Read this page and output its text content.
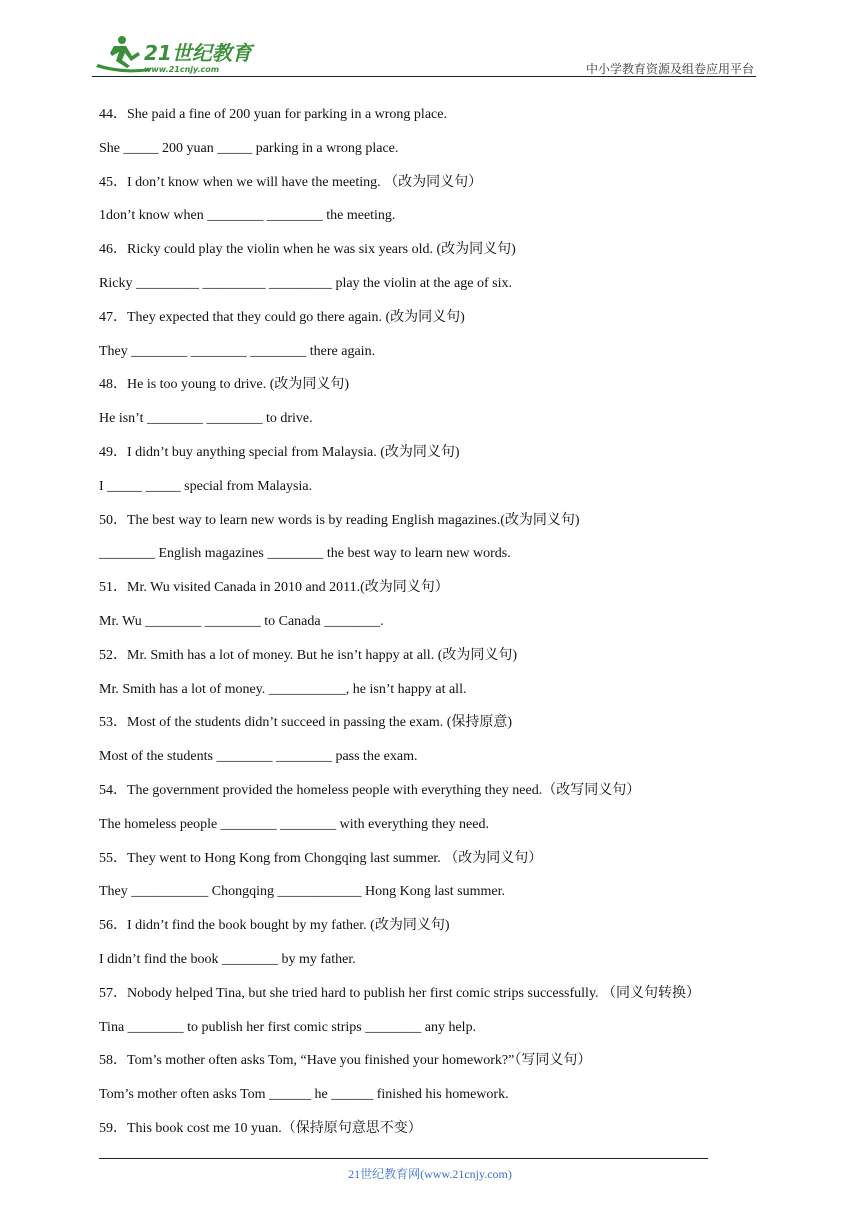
21世纪教育
www.21cnjy.com	中小学教育资源及组卷应用平台
44．She paid a fine of 200 yuan for parking in a wrong place.
She _____ 200 yuan _____ parking in a wrong place.
45．I don’t know when we will have the meeting. （改为同义句）
1don’t know when ________ ________ the meeting.
46．Ricky could play the violin when he was six years old. (改为同义句)
Ricky _________ _________ _________ play the violin at the age of six.
47．They expected that they could go there again. (改为同义句)
They ________ ________ ________ there again.
48．He is too young to drive. (改为同义句)
He isn’t ________ ________ to drive.
49．I didn’t buy anything special from Malaysia. (改为同义句)
I _____ _____ special from Malaysia.
50．The best way to learn new words is by reading English magazines.(改为同义句)
________ English magazines ________ the best way to learn new words.
51．Mr. Wu visited Canada in 2010 and 2011.(改为同义句）
Mr. Wu ________ ________ to Canada ________.
52．Mr. Smith has a lot of money. But he isn’t happy at all. (改为同义句)
Mr. Smith has a lot of money. ___________, he isn’t happy at all.
53．Most of the students didn’t succeed in passing the exam. (保持原意)
Most of the students ________ ________ pass the exam.
54．The government provided the homeless people with everything they need.（改写同义句）
The homeless people ________ ________ with everything they need.
55．They went to Hong Kong from Chongqing last summer. （改为同义句）
They ___________ Chongqing ____________ Hong Kong last summer.
56．I didn’t find the book bought by my father. (改为同义句)
I didn’t find the book ________ by my father.
57．Nobody helped Tina, but she tried hard to publish her first comic strips successfully. （同义句转换）
Tina ________ to publish her first comic strips ________ any help.
58．Tom’s mother often asks Tom, “Have you finished your homework?”（写同义句）
Tom’s mother often asks Tom ______ he ______ finished his homework.
59．This book cost me 10 yuan.（保持原句意思不变）
21世纪教育网(www.21cnjy.com)
